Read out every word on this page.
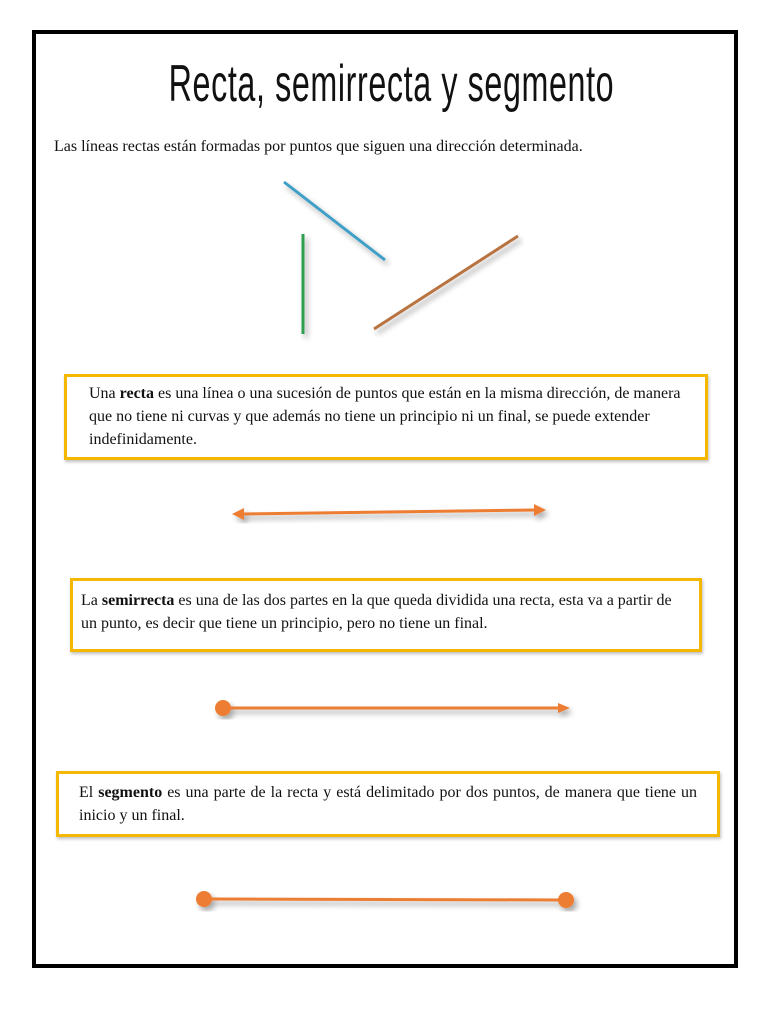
Recta, semirrecta y segmento
Las líneas rectas están formadas por puntos que siguen una dirección determinada.
Una recta es una línea o una sucesión de puntos que están en la misma dirección, de manera que no tiene ni curvas y que además no tiene un principio ni un final, se puede extender indefinidamente.
La semirrecta es una de las dos partes en la que queda dividida una recta, esta va a partir de un punto, es decir que tiene un principio, pero no tiene un final.
El segmento es una parte de la recta y está delimitado por dos puntos, de manera que tiene un inicio y un final.
